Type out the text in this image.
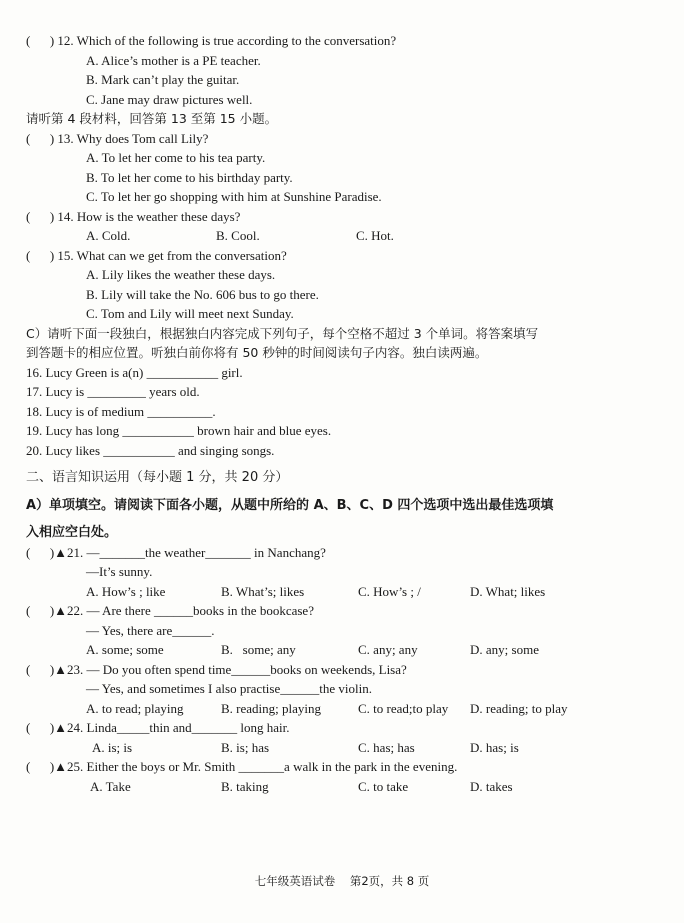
(      ) 12. Which of the following is true according to the conversation?
A. Alice’s mother is a PE teacher.
B. Mark can’t play the guitar.
C. Jane may draw pictures well.
请听第 4 段材料，回答第 13 至第 15 小题。
(      ) 13. Why does Tom call Lily?
A. To let her come to his tea party.
B. To let her come to his birthday party.
C. To let her go shopping with him at Sunshine Paradise.
(      ) 14. How is the weather these days?
A. Cold.	B. Cool.	C. Hot.
(      ) 15. What can we get from the conversation?
A. Lily likes the weather these days.
B. Lily will take the No. 606 bus to go there.
C. Tom and Lily will meet next Sunday.
C）请听下面一段独白，根据独白内容完成下列句子，每个空格不超过 3 个单词。将答案填写
到答题卡的相应位置。听独白前你将有 50 秒钟的时间阅读句子内容。独白读两遍。
16. Lucy Green is a(n) ___________ girl.
17. Lucy is _________ years old.
18. Lucy is of medium __________.
19. Lucy has long ___________ brown hair and blue eyes.
20. Lucy likes ___________ and singing songs.
二、语言知识运用（每小题 1 分，共 20 分）
A）单项填空。请阅读下面各小题，从题中所给的 A、B、C、D 四个选项中选出最佳选项填
入相应空白处。
(      )▲21. —_______the weather_______ in Nanchang?
—It’s sunny.
A. How’s ; like	B. What’s; likes	C. How’s ; /	D. What; likes
(      )▲22. — Are there ______books in the bookcase?
— Yes, there are______.
A. some; some	B.   some; any	C. any; any	D. any; some
(      )▲23. — Do you often spend time______books on weekends, Lisa?
— Yes, and sometimes I also practise______the violin.
A. to read; playing	B. reading; playing	C. to read;to play	D. reading; to play
(      )▲24. Linda_____thin and_______ long hair.
A. is; is	B. is; has	C. has; has	D. has; is
(      )▲25. Either the boys or Mr. Smith _______a walk in the park in the evening.
A. Take	B. taking	C. to take	D. takes
七年级英语试卷    第2页，共 8 页
